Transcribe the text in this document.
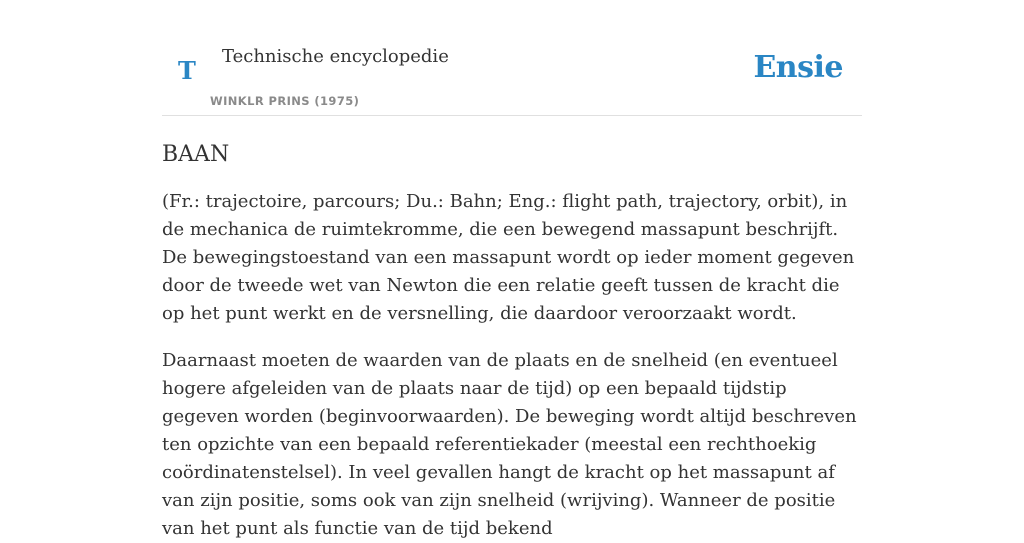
T Technische encyclopedie
WINKLR PRINS (1975)
Ensie
BAAN

(Fr.: trajectoire, parcours; Du.: Bahn; Eng.: flight path, trajectory, orbit), in de mechanica de ruimtekromme, die een bewegend massapunt beschrijft. De bewegingstoestand van een massapunt wordt op ieder moment gegeven door de tweede wet van Newton die een relatie geeft tussen de kracht die op het punt werkt en de versnelling, die daardoor veroorzaakt wordt.

Daarnaast moeten de waarden van de plaats en de snelheid (en eventueel hogere afgeleiden van de plaats naar de tijd) op een bepaald tijdstip gegeven worden (beginvoorwaarden). De beweging wordt altijd beschreven ten opzichte van een bepaald referentiekader (meestal een rechthoekig coördinatenstelsel). In veel gevallen hangt de kracht op het massapunt af van zijn positie, soms ook van zijn snelheid (wrijving). Wanneer de positie van het punt als functie van de tijd bekend
